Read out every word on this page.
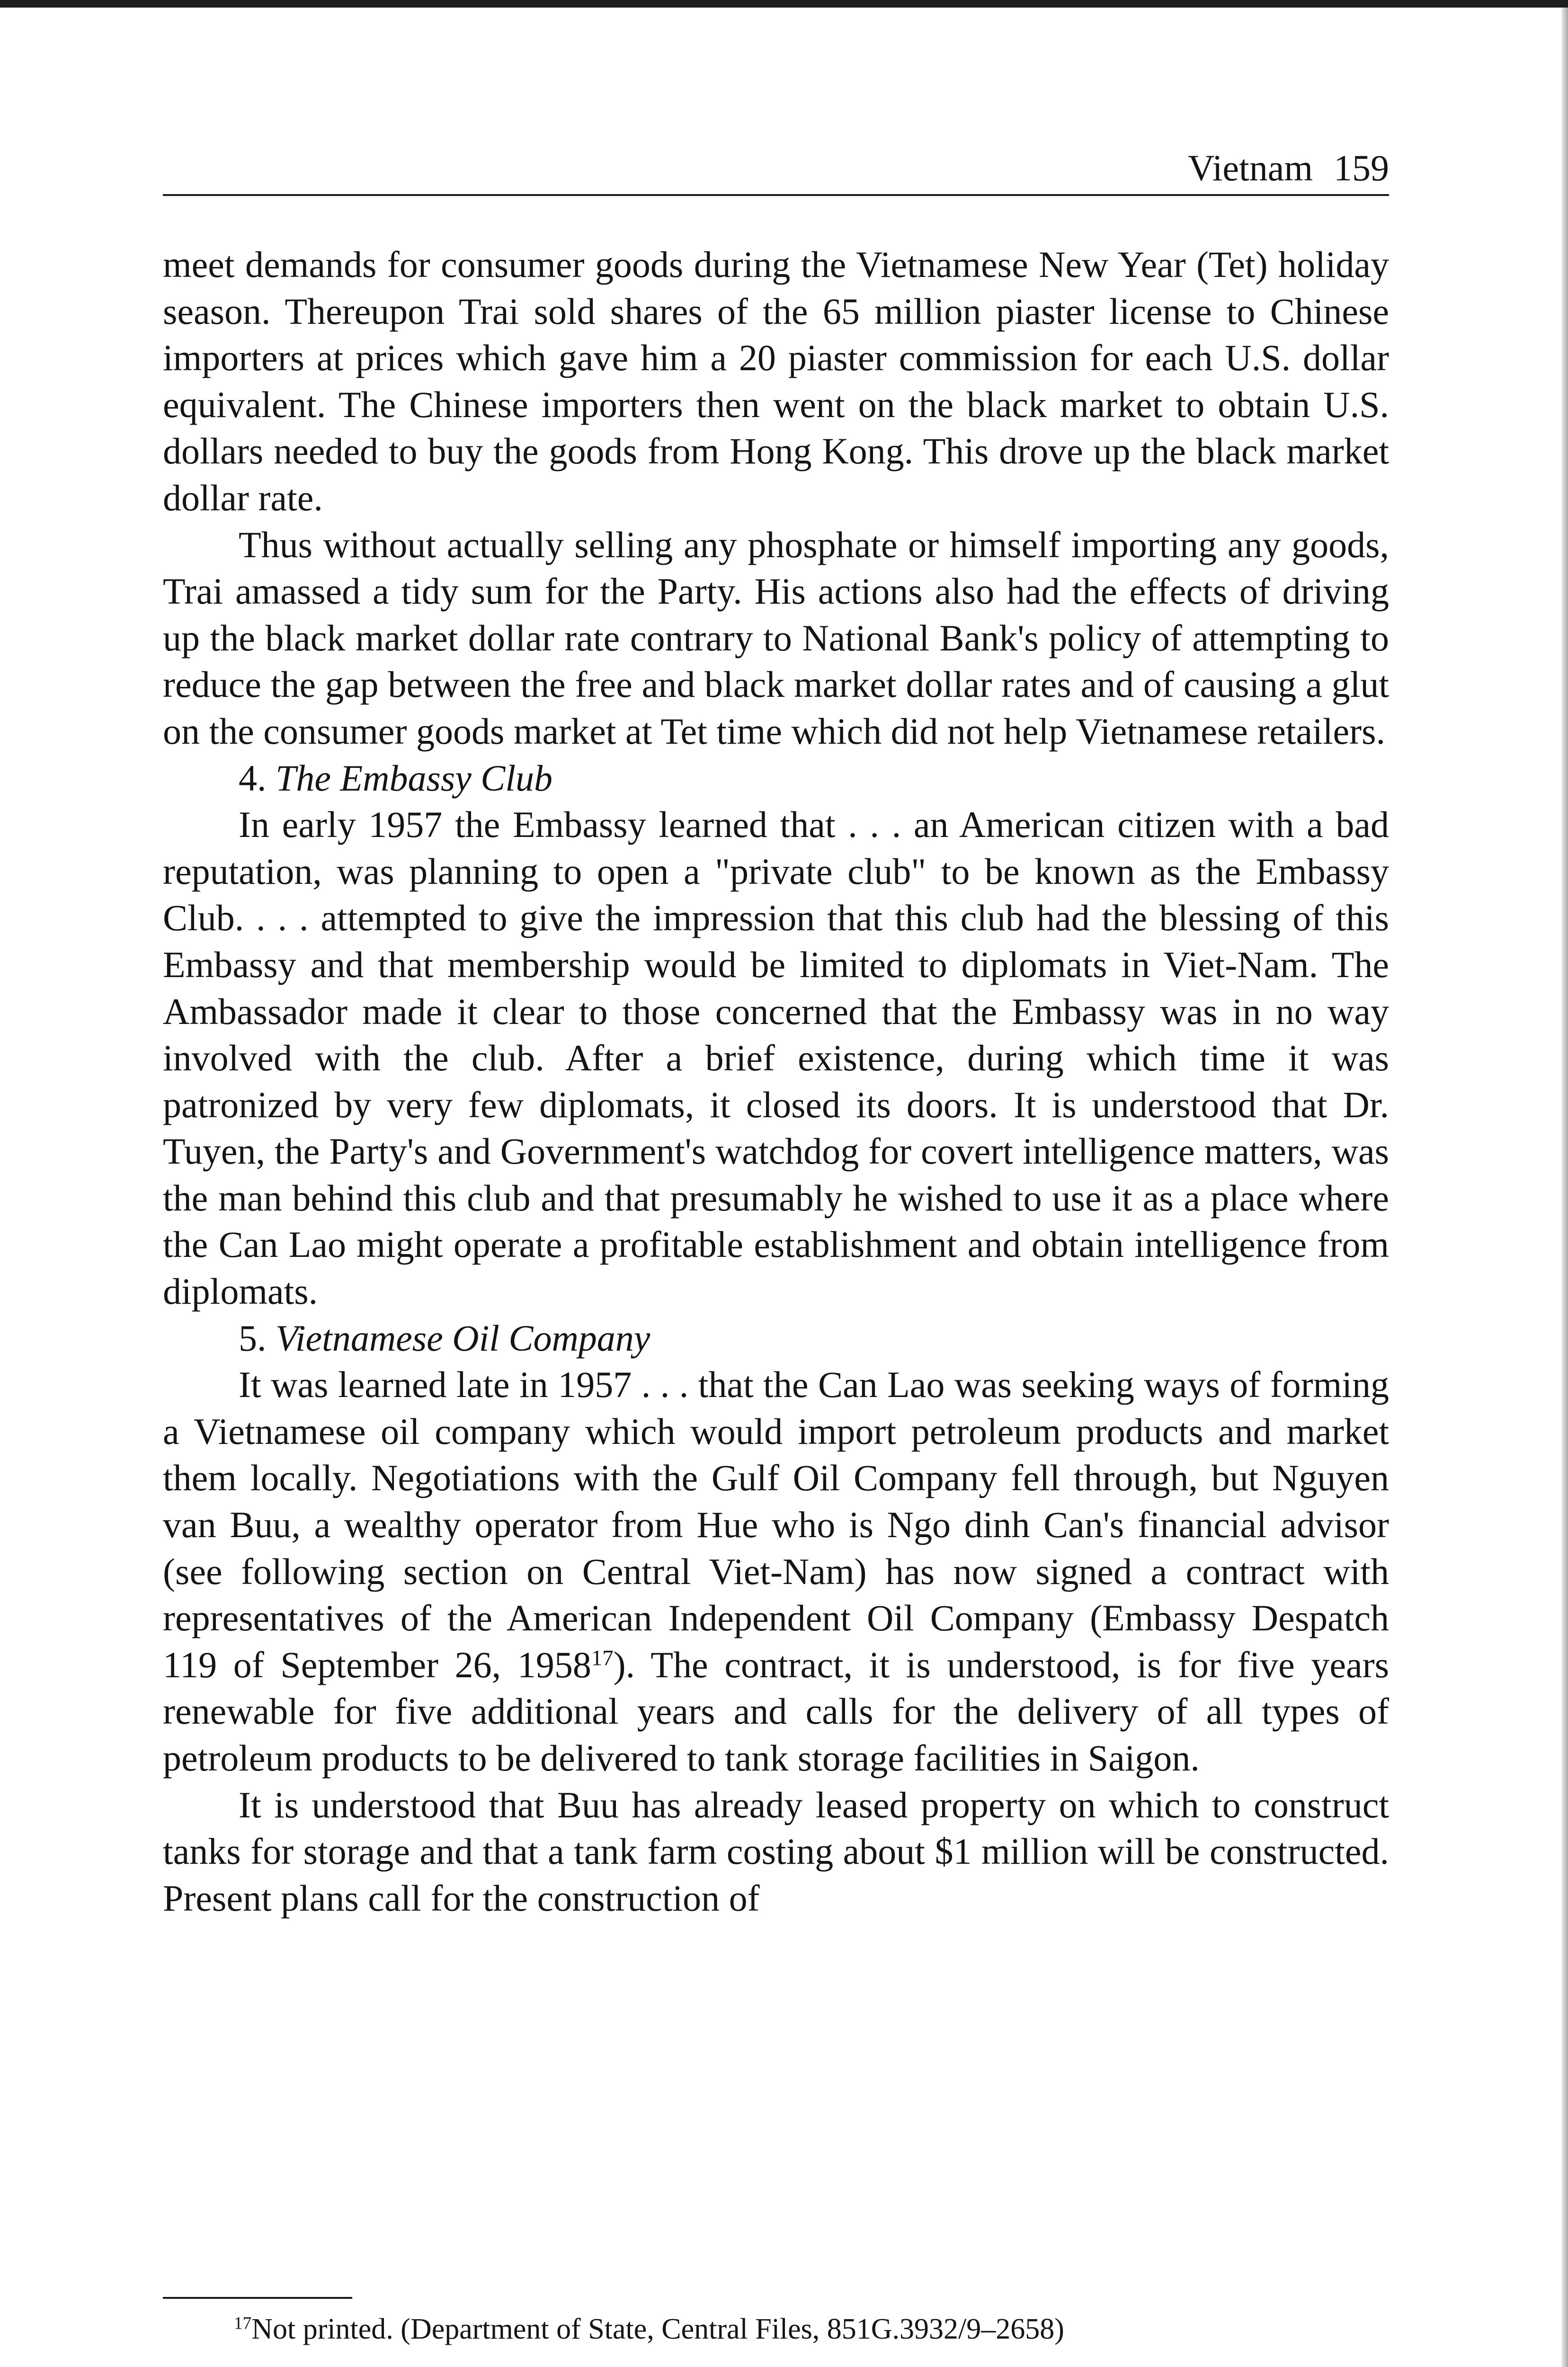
Vietnam 159

meet demands for consumer goods during the Vietnamese New Year (Tet) holiday season. Thereupon Trai sold shares of the 65 million piaster license to Chinese importers at prices which gave him a 20 piaster commission for each U.S. dollar equivalent. The Chinese importers then went on the black market to obtain U.S. dollars needed to buy the goods from Hong Kong. This drove up the black market dollar rate.

Thus without actually selling any phosphate or himself importing any goods, Trai amassed a tidy sum for the Party. His actions also had the effects of driving up the black market dollar rate contrary to National Bank's policy of attempting to reduce the gap between the free and black market dollar rates and of causing a glut on the consumer goods market at Tet time which did not help Vietnamese retailers.

4. The Embassy Club

In early 1957 the Embassy learned that . . . an American citizen with a bad reputation, was planning to open a "private club" to be known as the Embassy Club. . . . attempted to give the impression that this club had the blessing of this Embassy and that membership would be limited to diplomats in Viet-Nam. The Ambassador made it clear to those concerned that the Embassy was in no way involved with the club. After a brief existence, during which time it was patronized by very few diplomats, it closed its doors. It is understood that Dr. Tuyen, the Party's and Government's watchdog for covert intelligence matters, was the man behind this club and that presumably he wished to use it as a place where the Can Lao might operate a profitable establishment and obtain intelligence from diplomats.

5. Vietnamese Oil Company

It was learned late in 1957 . . . that the Can Lao was seeking ways of forming a Vietnamese oil company which would import petroleum products and market them locally. Negotiations with the Gulf Oil Company fell through, but Nguyen van Buu, a wealthy operator from Hue who is Ngo dinh Can's financial advisor (see following section on Central Viet-Nam) has now signed a contract with representatives of the American Independent Oil Company (Embassy Despatch 119 of September 26, 1958$^{17}$). The contract, it is understood, is for five years renewable for five additional years and calls for the delivery of all types of petroleum products to be delivered to tank storage facilities in Saigon.

It is understood that Buu has already leased property on which to construct tanks for storage and that a tank farm costing about $1 million will be constructed. Present plans call for the construction of

$^{17}$Not printed. (Department of State, Central Files, 851G.3932/9–2658)
